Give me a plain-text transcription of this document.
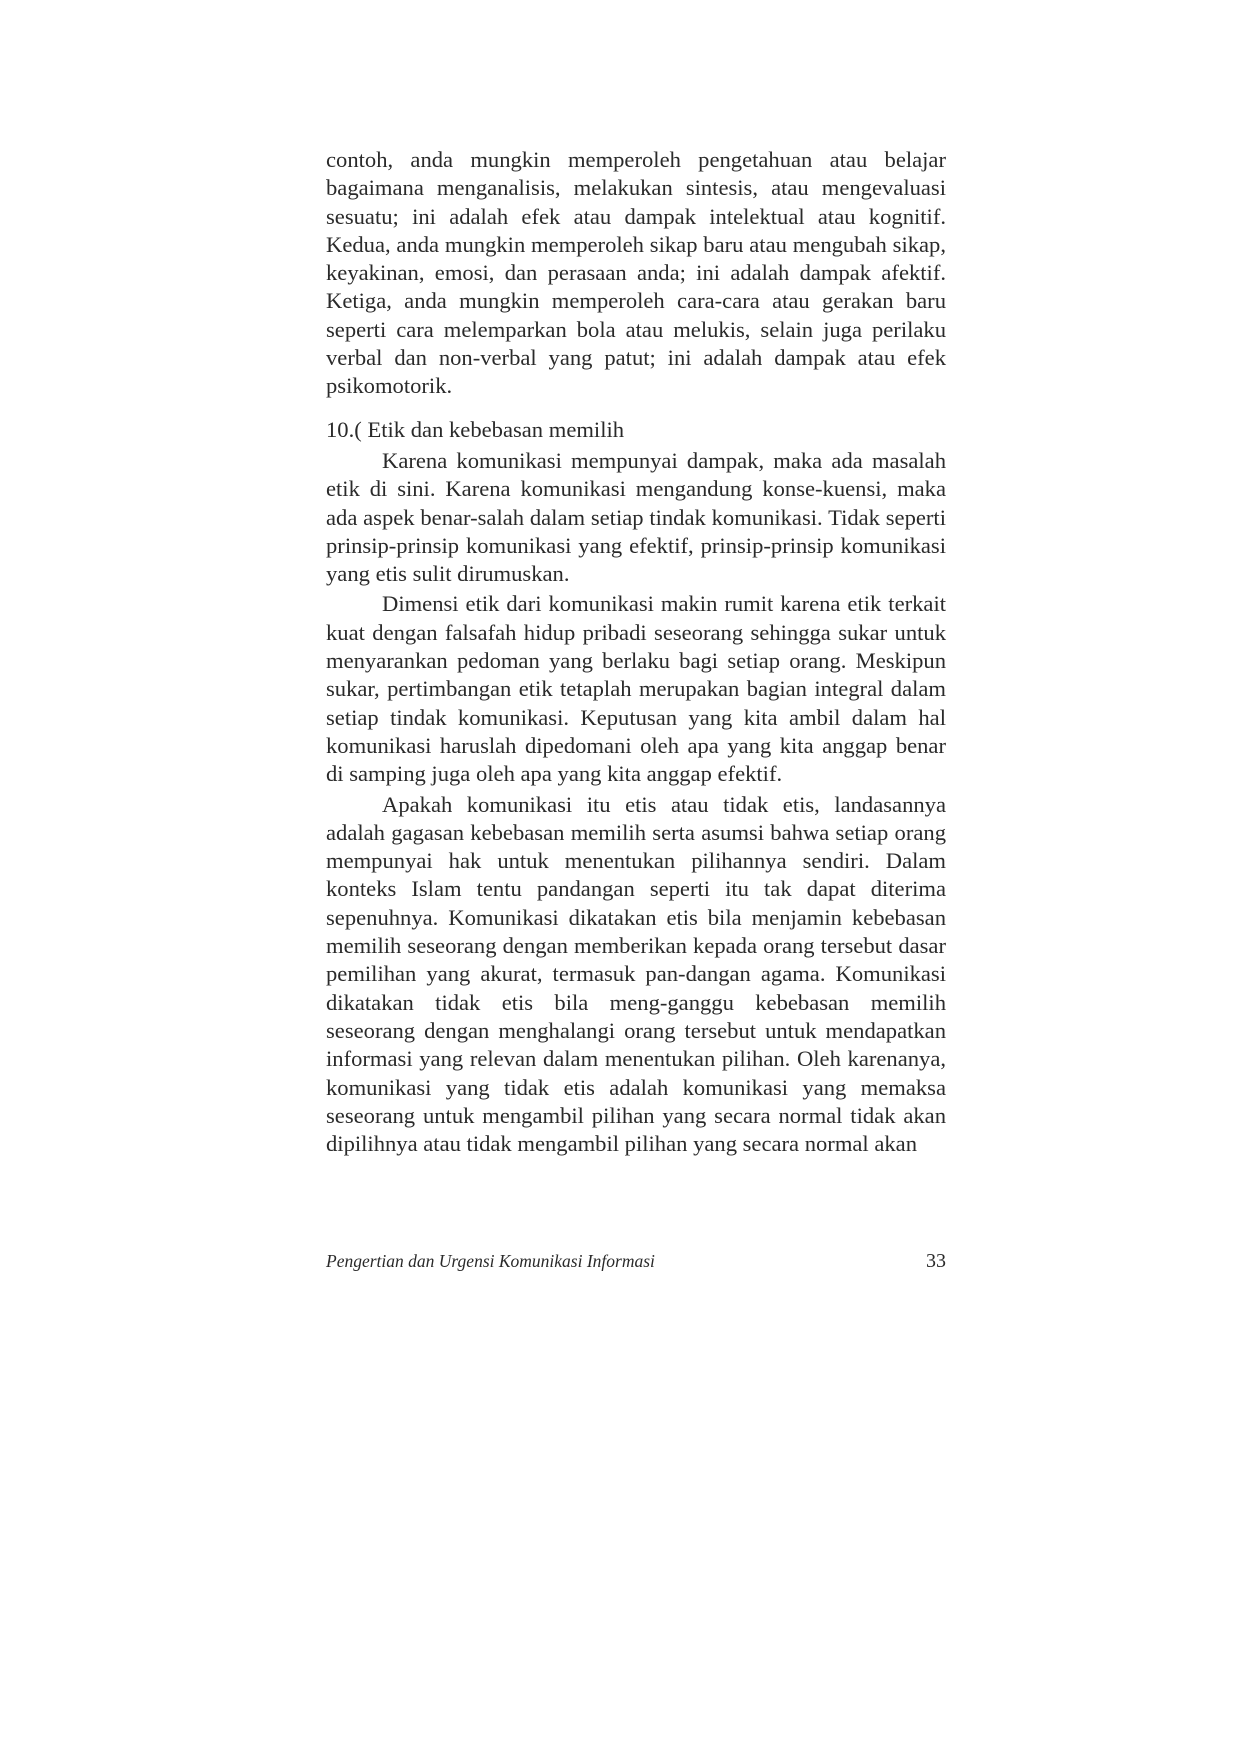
contoh, anda mungkin memperoleh pengetahuan atau belajar bagaimana menganalisis, melakukan sintesis, atau mengevaluasi sesuatu; ini adalah efek atau dampak intelektual atau kognitif. Kedua, anda mungkin memperoleh sikap baru atau mengubah sikap, keyakinan, emosi, dan perasaan anda; ini adalah dampak afektif. Ketiga, anda mungkin memperoleh cara-cara atau gerakan baru seperti cara melemparkan bola atau melukis, selain juga perilaku verbal dan non-verbal yang patut; ini adalah dampak atau efek psikomotorik.

10.( Etik dan kebebasan memilih

Karena komunikasi mempunyai dampak, maka ada masalah etik di sini. Karena komunikasi mengandung konse-kuensi, maka ada aspek benar-salah dalam setiap tindak komunikasi. Tidak seperti prinsip-prinsip komunikasi yang efektif, prinsip-prinsip komunikasi yang etis sulit dirumuskan.

Dimensi etik dari komunikasi makin rumit karena etik terkait kuat dengan falsafah hidup pribadi seseorang sehingga sukar untuk menyarankan pedoman yang berlaku bagi setiap orang. Meskipun sukar, pertimbangan etik tetaplah merupakan bagian integral dalam setiap tindak komunikasi. Keputusan yang kita ambil dalam hal komunikasi haruslah dipedomani oleh apa yang kita anggap benar di samping juga oleh apa yang kita anggap efektif.

Apakah komunikasi itu etis atau tidak etis, landasannya adalah gagasan kebebasan memilih serta asumsi bahwa setiap orang mempunyai hak untuk menentukan pilihannya sendiri. Dalam konteks Islam tentu pandangan seperti itu tak dapat diterima sepenuhnya. Komunikasi dikatakan etis bila menjamin kebebasan memilih seseorang dengan memberikan kepada orang tersebut dasar pemilihan yang akurat, termasuk pan-dangan agama. Komunikasi dikatakan tidak etis bila meng-ganggu kebebasan memilih seseorang dengan menghalangi orang tersebut untuk mendapatkan informasi yang relevan dalam menentukan pilihan. Oleh karenanya, komunikasi yang tidak etis adalah komunikasi yang memaksa seseorang untuk mengambil pilihan yang secara normal tidak akan dipilihnya atau tidak mengambil pilihan yang secara normal akan

Pengertian dan Urgensi Komunikasi Informasi	33
